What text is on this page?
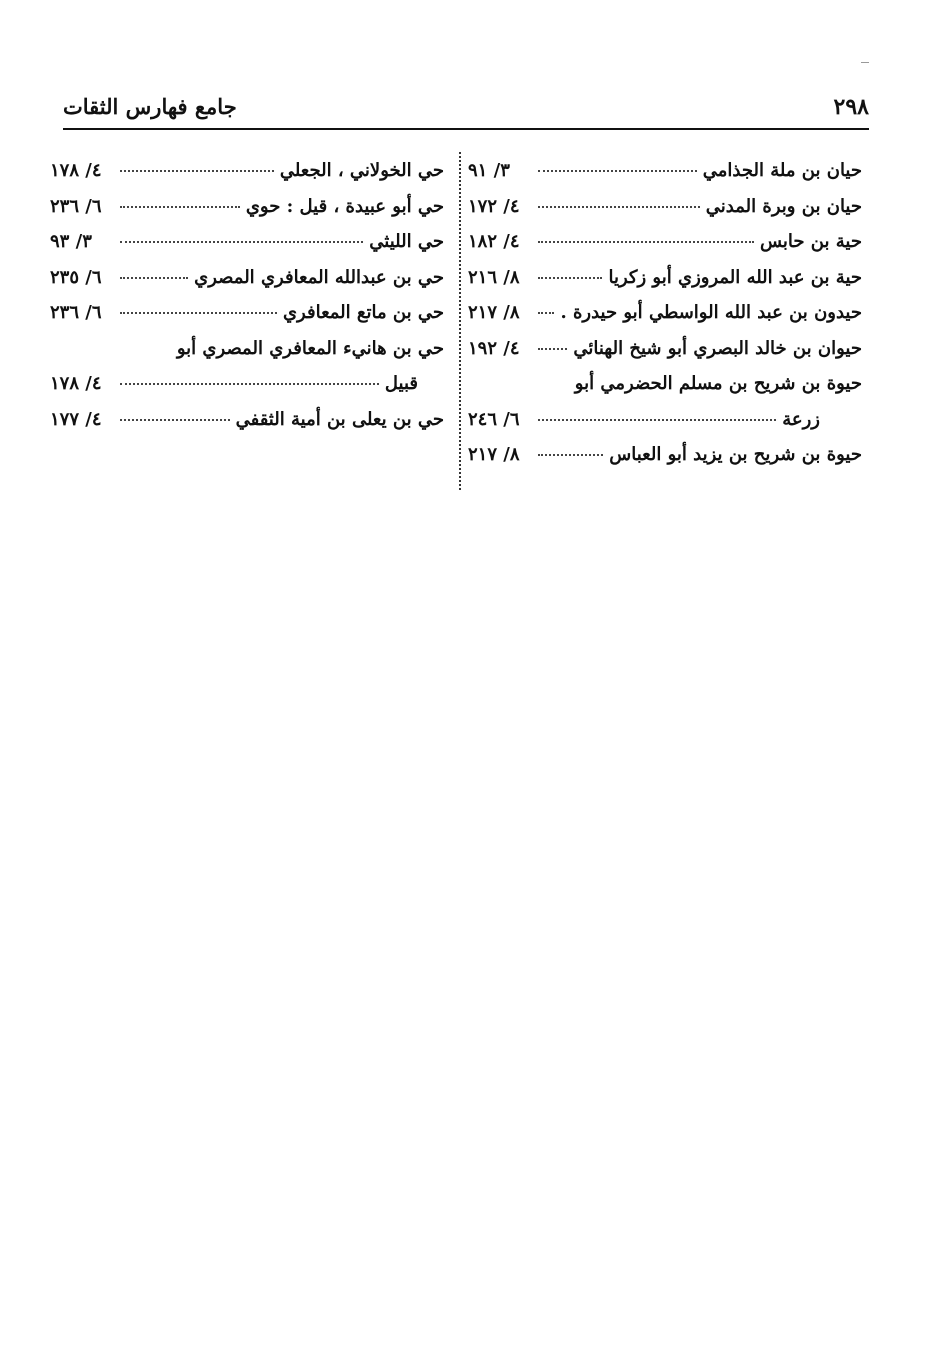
٢٩٨
جامع فهارس الثقات
حيان بن ملة الجذامي
٣/ ٩١
حيان بن وبرة المدني
٤/ ١٧٢
حية بن حابس
٤/ ١٨٢
حية بن عبد الله المروزي أبو زكريا
٨/ ٢١٦
حيدون بن عبد الله الواسطي أبو حيدرة .
٨/ ٢١٧
حيوان بن خالد البصري أبو شيخ الهنائي
٤/ ١٩٢
حيوة بن شريح بن مسلم الحضرمي أبو
زرعة
٦/ ٢٤٦
حيوة بن شريح بن يزيد أبو العباس
٨/ ٢١٧
حي الخولاني ، الجعلي
٤/ ١٧٨
حي أبو عبيدة ، قيل : حوي
٦/ ٢٣٦
حي الليثي
٣/ ٩٣
حي بن عبدالله المعافري المصري
٦/ ٢٣٥
حي بن ماتع المعافري
٦/ ٢٣٦
حي بن هانيء المعافري المصري أبو
قبيل
٤/ ١٧٨
حي بن يعلى بن أمية الثقفي
٤/ ١٧٧
